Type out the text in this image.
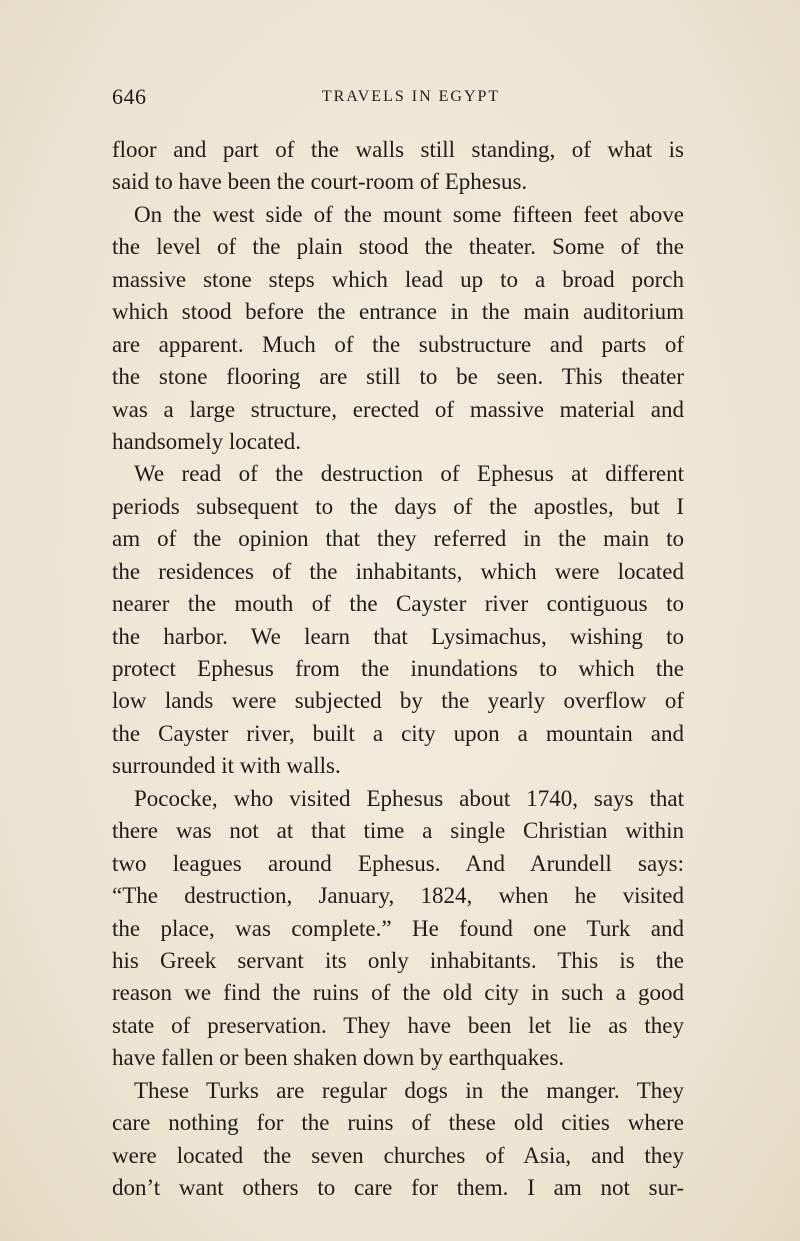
646	TRAVELS IN EGYPT
floor and part of the walls still standing, of what is
said to have been the court-room of Ephesus.
On the west side of the mount some fifteen feet above
the level of the plain stood the theater. Some of the
massive stone steps which lead up to a broad porch
which stood before the entrance in the main auditorium
are apparent. Much of the substructure and parts of
the stone flooring are still to be seen. This theater
was a large structure, erected of massive material and
handsomely located.
We read of the destruction of Ephesus at different
periods subsequent to the days of the apostles, but I
am of the opinion that they referred in the main to
the residences of the inhabitants, which were located
nearer the mouth of the Cayster river contiguous to
the harbor. We learn that Lysimachus, wishing to
protect Ephesus from the inundations to which the
low lands were subjected by the yearly overflow of
the Cayster river, built a city upon a mountain and
surrounded it with walls.
Pococke, who visited Ephesus about 1740, says that
there was not at that time a single Christian within
two leagues around Ephesus. And Arundell says:
“The destruction, January, 1824, when he visited
the place, was complete.” He found one Turk and
his Greek servant its only inhabitants. This is the
reason we find the ruins of the old city in such a good
state of preservation. They have been let lie as they
have fallen or been shaken down by earthquakes.
These Turks are regular dogs in the manger. They
care nothing for the ruins of these old cities where
were located the seven churches of Asia, and they
don’t want others to care for them. I am not sur-
